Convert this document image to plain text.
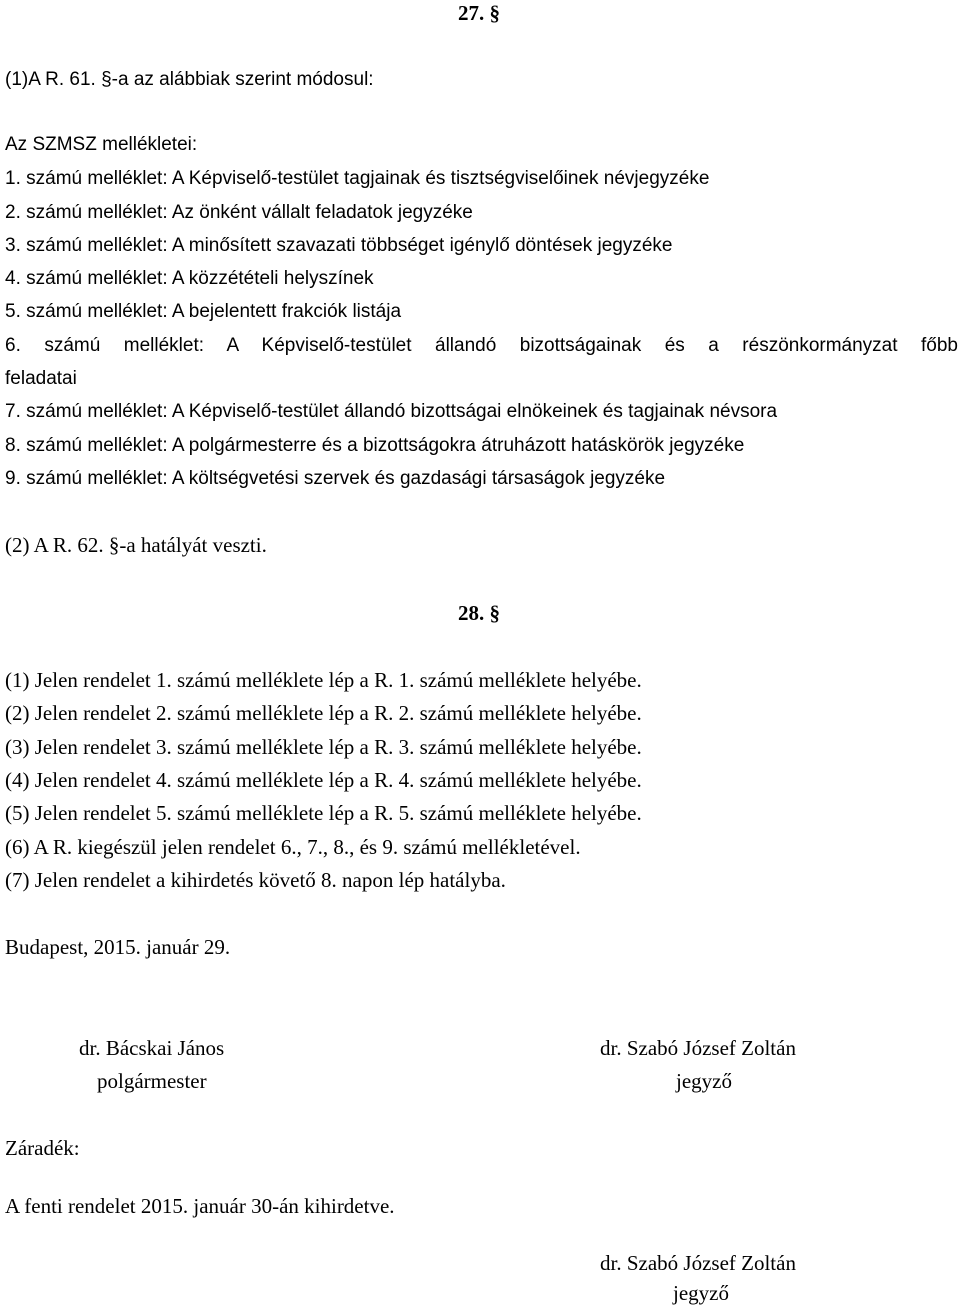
27. §
(1)A R. 61. §-a az alábbiak szerint módosul:
Az SZMSZ mellékletei:
1. számú melléklet: A Képviselő-testület tagjainak és tisztségviselőinek névjegyzéke
2. számú melléklet: Az önként vállalt feladatok jegyzéke
3. számú melléklet: A minősített szavazati többséget igénylő döntések jegyzéke
4. számú melléklet: A közzétételi helyszínek
5. számú melléklet: A bejelentett frakciók listája
6. számú melléklet: A Képviselő-testület állandó bizottságainak és a részönkormányzat főbb
feladatai
7. számú melléklet: A Képviselő-testület állandó bizottságai elnökeinek és tagjainak névsora
8. számú melléklet: A polgármesterre és a bizottságokra átruházott hatáskörök jegyzéke
9. számú melléklet: A költségvetési szervek és gazdasági társaságok jegyzéke
(2) A R. 62. §-a hatályát veszti.
28. §
(1) Jelen rendelet 1. számú melléklete lép a R. 1. számú melléklete helyébe.
(2) Jelen rendelet 2. számú melléklete lép a R. 2. számú melléklete helyébe.
(3) Jelen rendelet 3. számú melléklete lép a R. 3. számú melléklete helyébe.
(4) Jelen rendelet 4. számú melléklete lép a R. 4. számú melléklete helyébe.
(5) Jelen rendelet 5. számú melléklete lép a R. 5. számú melléklete helyébe.
(6) A R. kiegészül jelen rendelet 6., 7., 8., és 9. számú mellékletével.
(7) Jelen rendelet a kihirdetés követő 8. napon lép hatályba.
Budapest, 2015. január 29.
dr. Bácskai János
polgármester
dr. Szabó József Zoltán
jegyző
Záradék:
A fenti rendelet 2015. január 30-án kihirdetve.
dr. Szabó József Zoltán
jegyző
